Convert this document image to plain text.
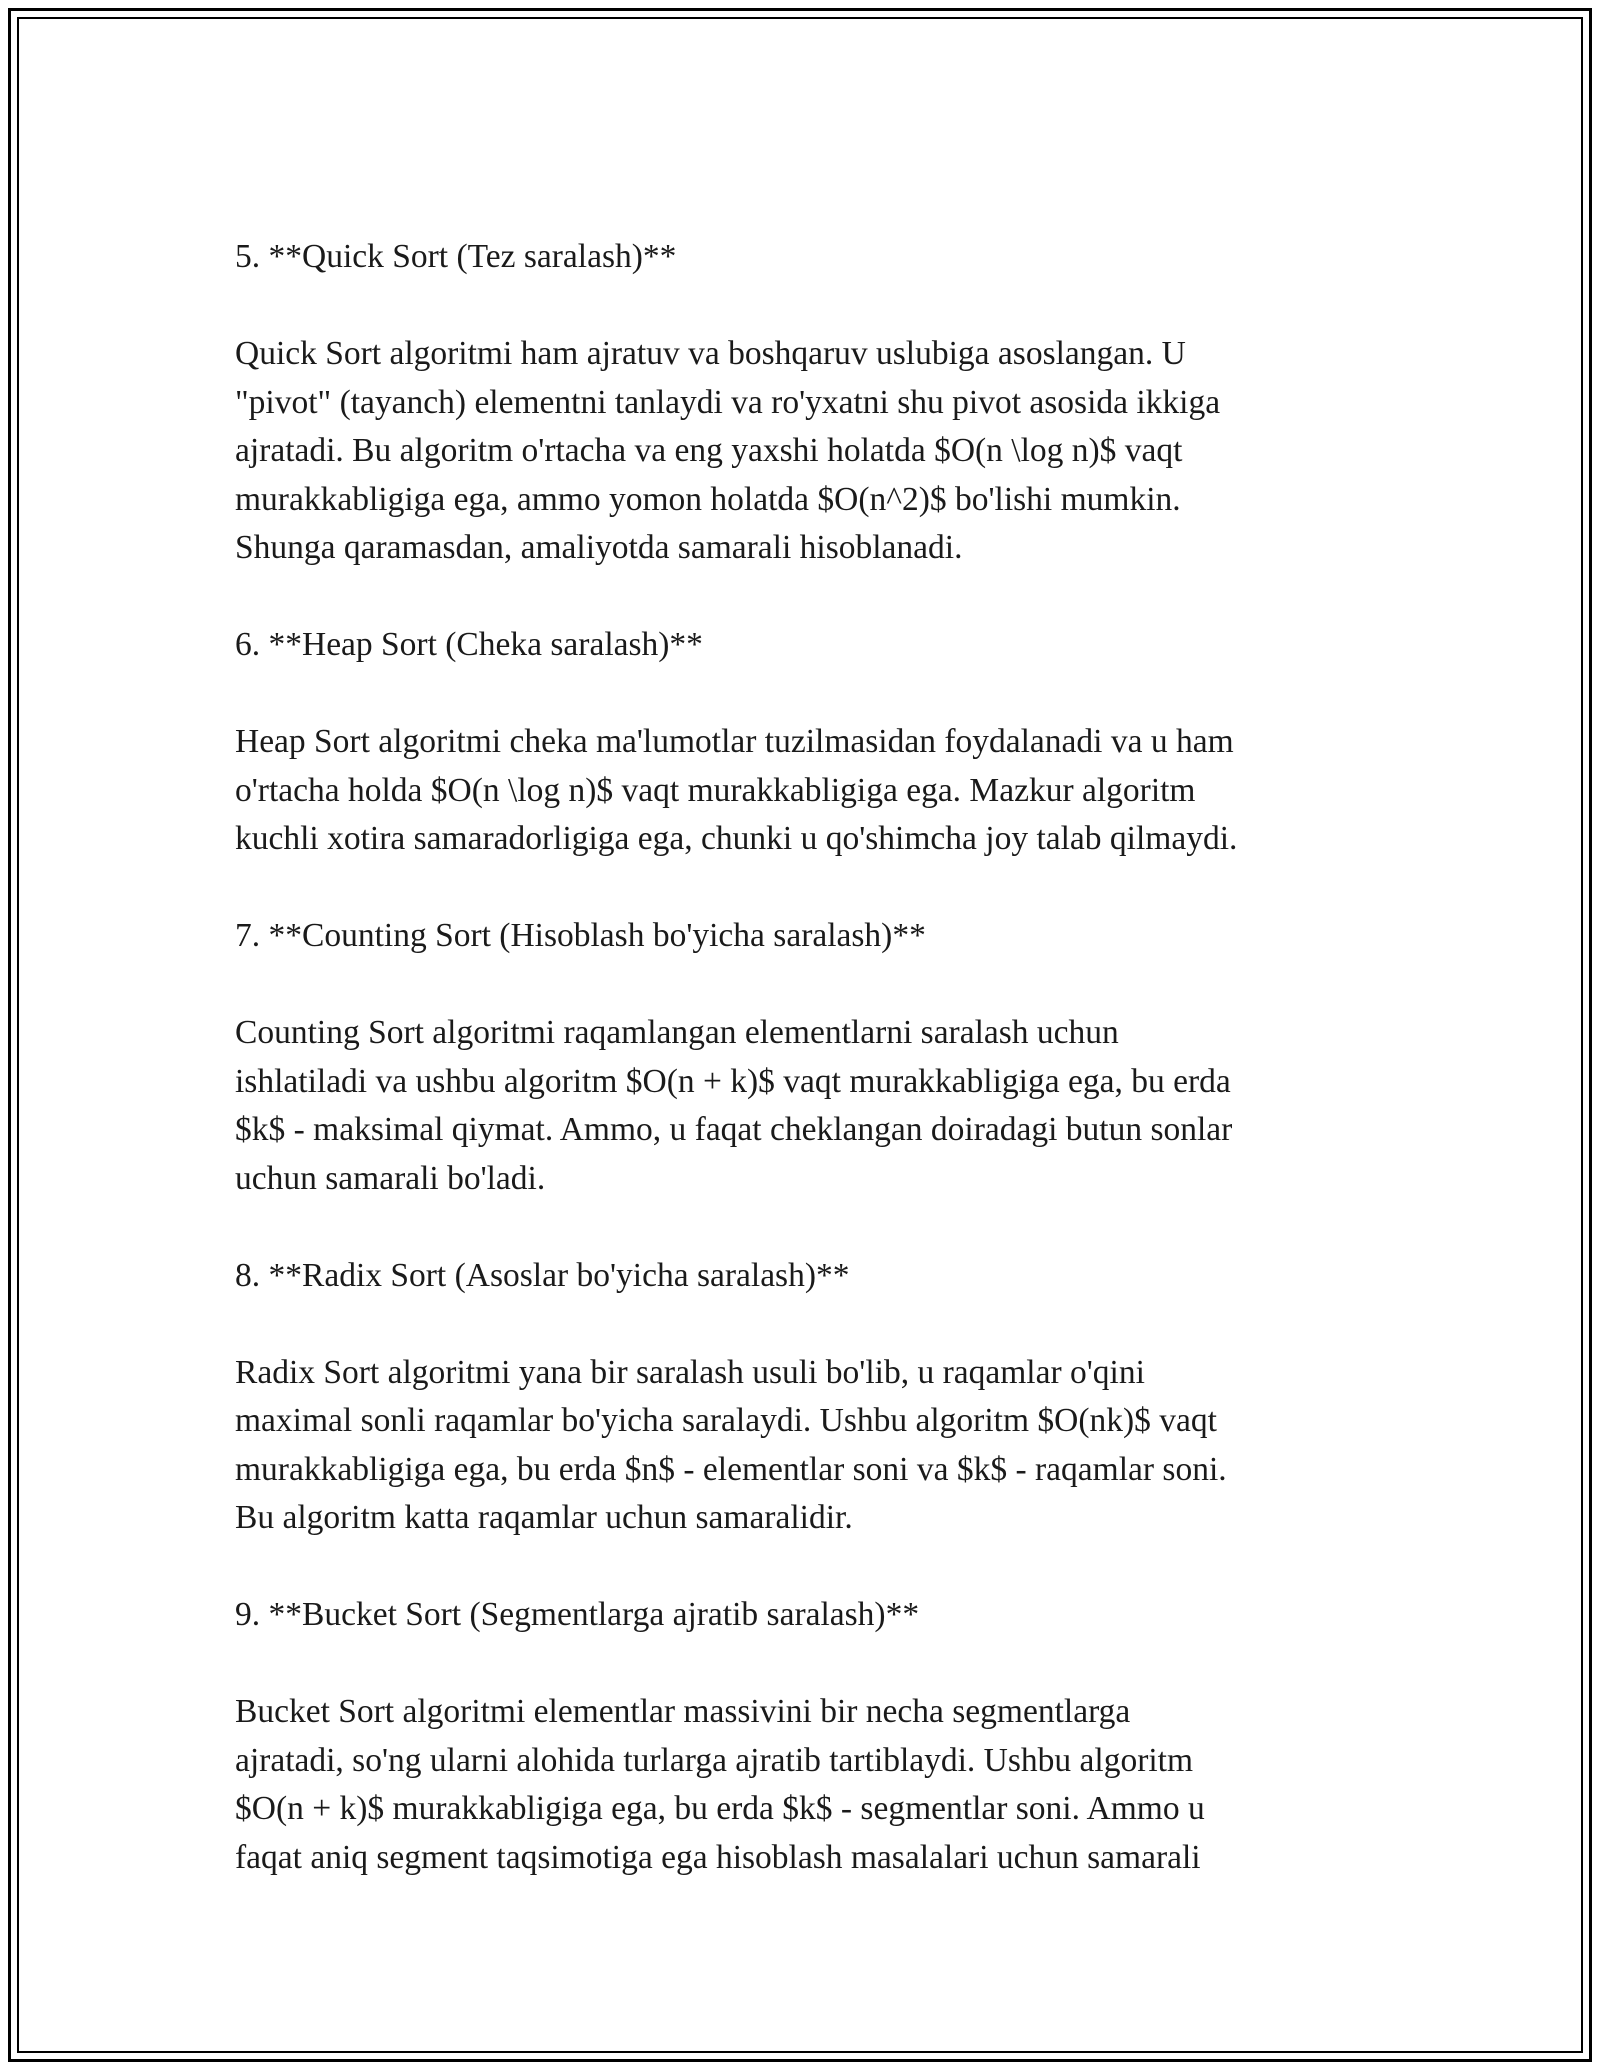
5. **Quick Sort (Tez saralash)**

Quick Sort algoritmi ham ajratuv va boshqaruv uslubiga asoslangan. U
"pivot" (tayanch) elementni tanlaydi va ro'yxatni shu pivot asosida ikkiga
ajratadi. Bu algoritm o'rtacha va eng yaxshi holatda $O(n \log n)$ vaqt
murakkabligiga ega, ammo yomon holatda $O(n^2)$ bo'lishi mumkin.
Shunga qaramasdan, amaliyotda samarali hisoblanadi.

6. **Heap Sort (Cheka saralash)**

Heap Sort algoritmi cheka ma'lumotlar tuzilmasidan foydalanadi va u ham
o'rtacha holda $O(n \log n)$ vaqt murakkabligiga ega. Mazkur algoritm
kuchli xotira samaradorligiga ega, chunki u qo'shimcha joy talab qilmaydi.

7. **Counting Sort (Hisoblash bo'yicha saralash)**

Counting Sort algoritmi raqamlangan elementlarni saralash uchun
ishlatiladi va ushbu algoritm $O(n + k)$ vaqt murakkabligiga ega, bu erda
$k$ - maksimal qiymat. Ammo, u faqat cheklangan doiradagi butun sonlar
uchun samarali bo'ladi.

8. **Radix Sort (Asoslar bo'yicha saralash)**

Radix Sort algoritmi yana bir saralash usuli bo'lib, u raqamlar o'qini
maximal sonli raqamlar bo'yicha saralaydi. Ushbu algoritm $O(nk)$ vaqt
murakkabligiga ega, bu erda $n$ - elementlar soni va $k$ - raqamlar soni.
Bu algoritm katta raqamlar uchun samaralidir.

9. **Bucket Sort (Segmentlarga ajratib saralash)**

Bucket Sort algoritmi elementlar massivini bir necha segmentlarga
ajratadi, so'ng ularni alohida turlarga ajratib tartiblaydi. Ushbu algoritm
$O(n + k)$ murakkabligiga ega, bu erda $k$ - segmentlar soni. Ammo u
faqat aniq segment taqsimotiga ega hisoblash masalalari uchun samarali
